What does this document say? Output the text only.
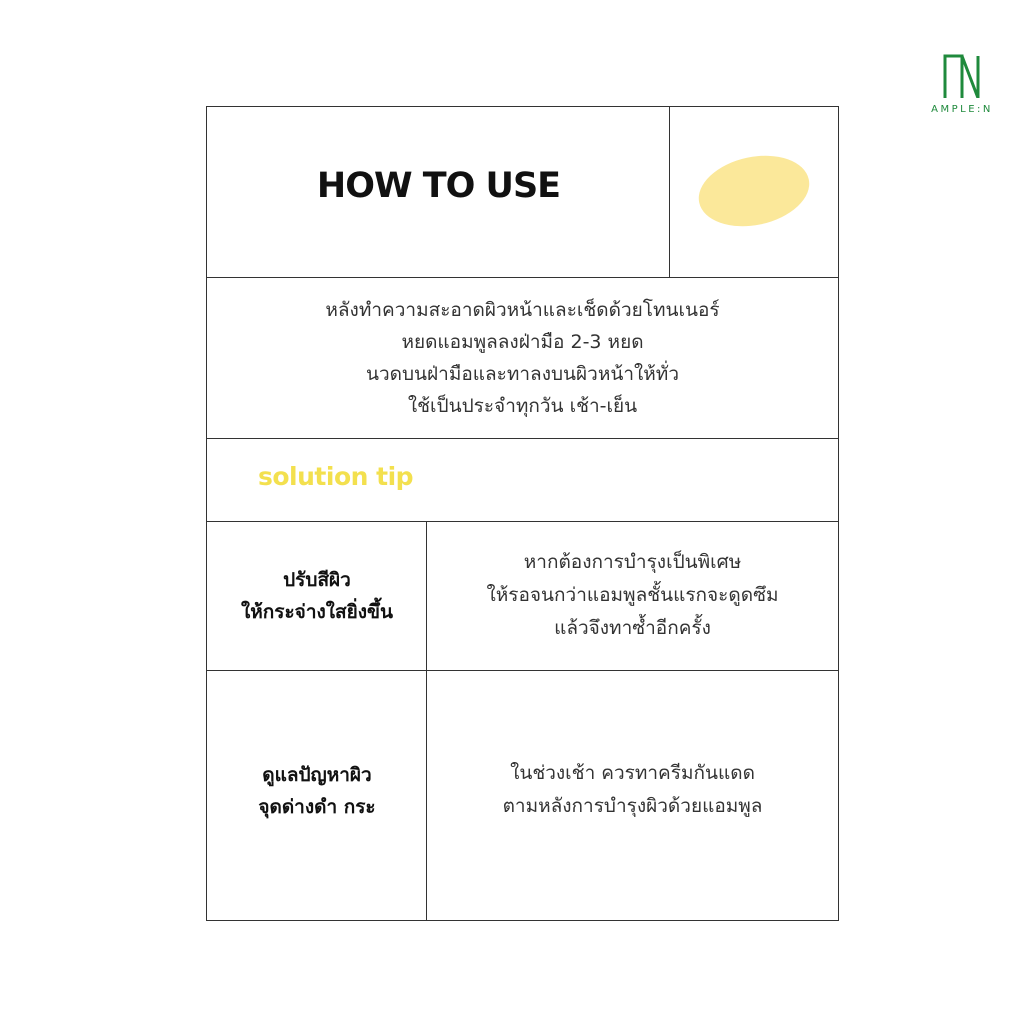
AMPLE:N
HOW TO USE
หลังทำความสะอาดผิวหน้าและเช็ดด้วยโทนเนอร์
หยดแอมพูลลงฝ่ามือ 2-3 หยด
นวดบนฝ่ามือและทาลงบนผิวหน้าให้ทั่ว
ใช้เป็นประจำทุกวัน เช้า-เย็น
solution tip
ปรับสีผิว
ให้กระจ่างใสยิ่งขึ้น
หากต้องการบำรุงเป็นพิเศษ
ให้รอจนกว่าแอมพูลชั้นแรกจะดูดซึม
แล้วจึงทาซ้ำอีกครั้ง
ดูแลปัญหาผิว
จุดด่างดำ กระ
ในช่วงเช้า ควรทาครีมกันแดด
ตามหลังการบำรุงผิวด้วยแอมพูล
